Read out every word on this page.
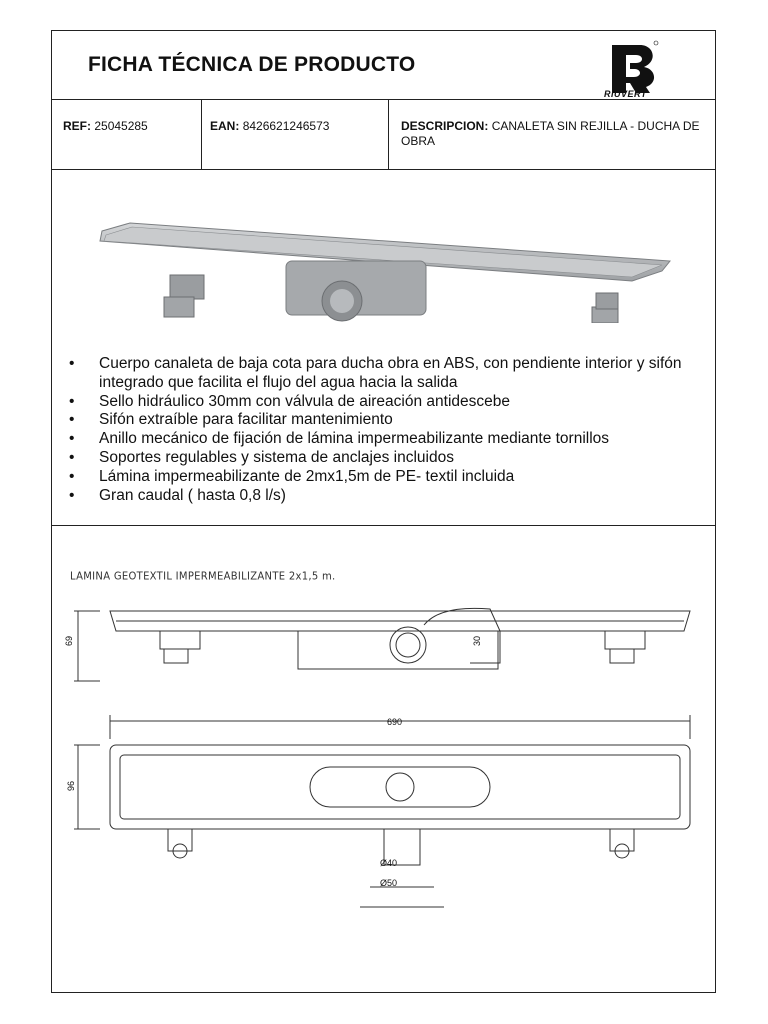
FICHA TÉCNICA DE PRODUCTO
RIUVERT
REF: 25045285	EAN: 8426621246573	DESCRIPCION: CANALETA SIN REJILLA - DUCHA DE OBRA
• Cuerpo canaleta de baja cota para ducha obra en ABS, con pendiente interior y sifón integrado que facilita el flujo del agua hacia la salida
• Sello hidráulico 30mm con válvula de aireación antidescebe
• Sifón extraíble para facilitar mantenimiento
• Anillo mecánico de fijación de lámina impermeabilizante mediante tornillos
• Soportes regulables y sistema de anclajes incluidos
• Lámina impermeabilizante de 2mx1,5m de PE- textil incluida
• Gran caudal ( hasta 0,8 l/s)
LAMINA GEOTEXTIL IMPERMEABILIZANTE 2x1,5 m.
69	30
690
96
Ø40
Ø50
